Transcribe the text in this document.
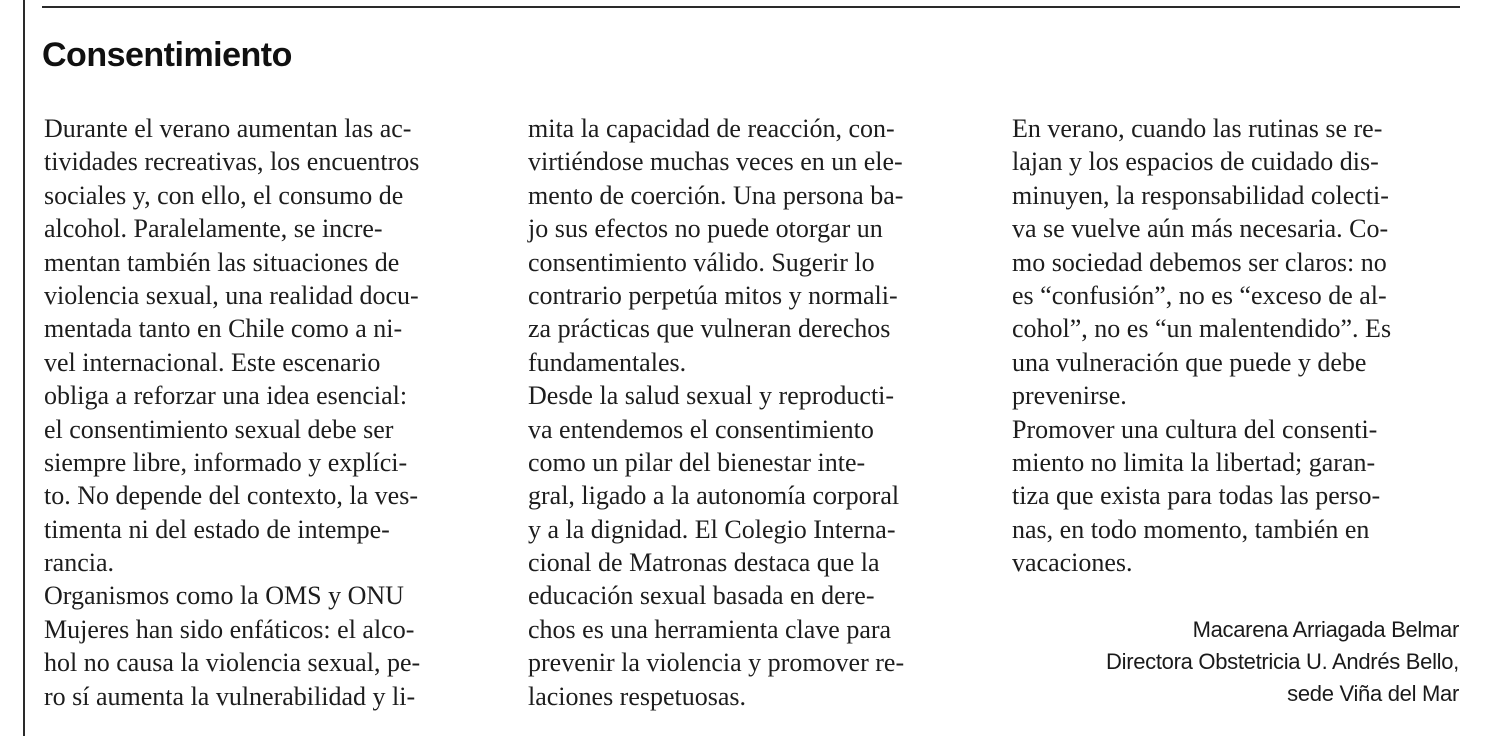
Consentimiento
Durante el verano aumentan las ac-
tividades recreativas, los encuentros
sociales y, con ello, el consumo de
alcohol. Paralelamente, se incre-
mentan también las situaciones de
violencia sexual, una realidad docu-
mentada tanto en Chile como a ni-
vel internacional. Este escenario
obliga a reforzar una idea esencial:
el consentimiento sexual debe ser
siempre libre, informado y explíci-
to. No depende del contexto, la ves-
timenta ni del estado de intempe-
rancia.
Organismos como la OMS y ONU
Mujeres han sido enfáticos: el alco-
hol no causa la violencia sexual, pe-
ro sí aumenta la vulnerabilidad y li-
mita la capacidad de reacción, con-
virtiéndose muchas veces en un ele-
mento de coerción. Una persona ba-
jo sus efectos no puede otorgar un
consentimiento válido. Sugerir lo
contrario perpetúa mitos y normali-
za prácticas que vulneran derechos
fundamentales.
Desde la salud sexual y reproducti-
va entendemos el consentimiento
como un pilar del bienestar inte-
gral, ligado a la autonomía corporal
y a la dignidad. El Colegio Interna-
cional de Matronas destaca que la
educación sexual basada en dere-
chos es una herramienta clave para
prevenir la violencia y promover re-
laciones respetuosas.
En verano, cuando las rutinas se re-
lajan y los espacios de cuidado dis-
minuyen, la responsabilidad colecti-
va se vuelve aún más necesaria. Co-
mo sociedad debemos ser claros: no
es “confusión”, no es “exceso de al-
cohol”, no es “un malentendido”. Es
una vulneración que puede y debe
prevenirse.
Promover una cultura del consenti-
miento no limita la libertad; garan-
tiza que exista para todas las perso-
nas, en todo momento, también en
vacaciones.
Macarena Arriagada Belmar
Directora Obstetricia U. Andrés Bello,
sede Viña del Mar
